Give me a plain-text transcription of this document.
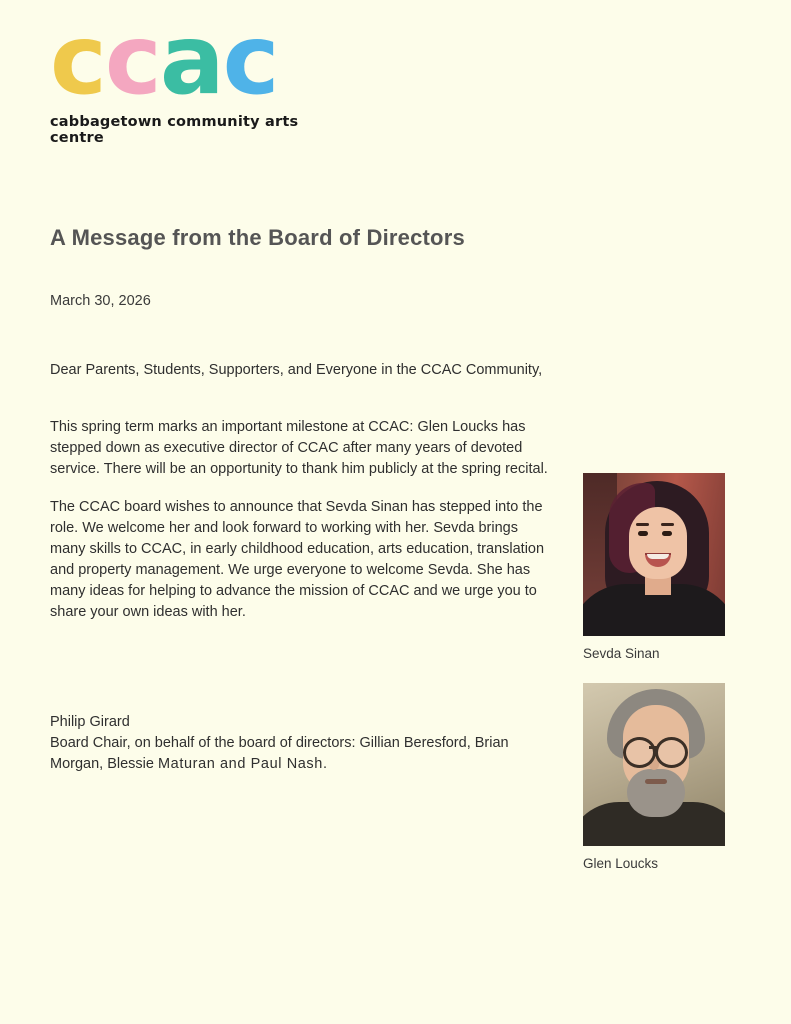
c c a c
cabbagetown community arts centre
A Message from the Board of Directors
March 30, 2026

Dear Parents, Students, Supporters, and Everyone in the CCAC Community,

This spring term marks an important milestone at CCAC: Glen Loucks has stepped down as executive director of CCAC after many years of devoted service. There will be an opportunity to thank him publicly at the spring recital.

The CCAC board wishes to announce that Sevda Sinan has stepped into the role. We welcome her and look forward to working with her. Sevda brings many skills to CCAC, in early childhood education, arts education, translation and property management. We urge everyone to welcome Sevda. She has many ideas for helping to advance the mission of CCAC and we urge you to share your own ideas with her.

Philip Girard

Board Chair, on behalf of the board of directors: Gillian Beresford, Brian Morgan, Blessie Maturan and Paul Nash.

Sevda Sinan
Glen Loucks
